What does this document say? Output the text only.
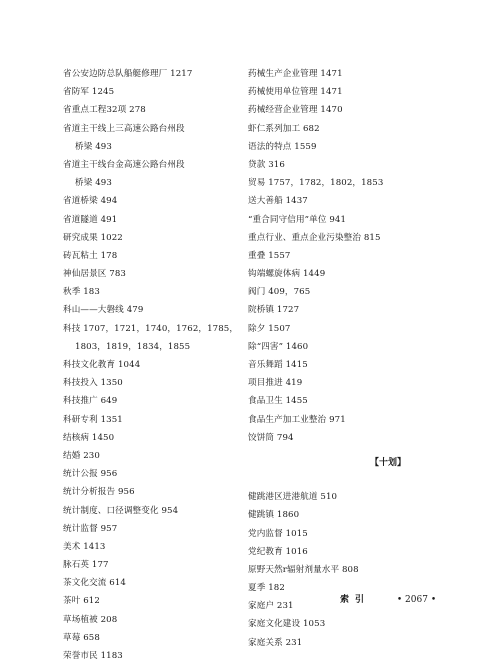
省公安边防总队船艇修理厂 1217
省防军 1245
省重点工程32项 278
省道主干线上三高速公路台州段
桥梁 493
省道主干线台金高速公路台州段
桥梁 493
省道桥梁 494
省道隧道 491
研究成果 1022
砖瓦粘土 178
神仙居景区 783
秋季 183
科山——大磐线 479
科技 1707，1721，1740，1762，1785，
1803，1819，1834，1855
科技文化教育 1044
科技投入 1350
科技推广 649
科研专利 1351
结核病 1450
结婚 230
统计公报 956
统计分析报告 956
统计制度、口径调整变化 954
统计监督 957
美术 1413
脉石英 177
茶文化交流 614
茶叶 612
草场植被 208
草莓 658
荣誉市民 1183
药械生产企业管理 1471
药械使用单位管理 1471
药械经营企业管理 1470
虾仁系列加工 682
语法的特点 1559
贷款 316
贸易 1757，1782，1802，1853
送大善船 1437
“重合同守信用”单位 941
重点行业、重点企业污染整治 815
重叠 1557
钩端螺旋体病 1449
阀门 409，765
院桥镇 1727
除夕 1507
除“四害” 1460
音乐舞蹈 1415
项目推进 419
食品卫生 1455
食品生产加工业整治 971
饺饼筒 794
【十划】
健跳港区进港航道 510
健跳镇 1860
党内监督 1015
党纪教育 1016
原野天然r辐射剂量水平 808
夏季 182
家庭户 231
家庭文化建设 1053
家庭关系 231
索引	• 2067 •
